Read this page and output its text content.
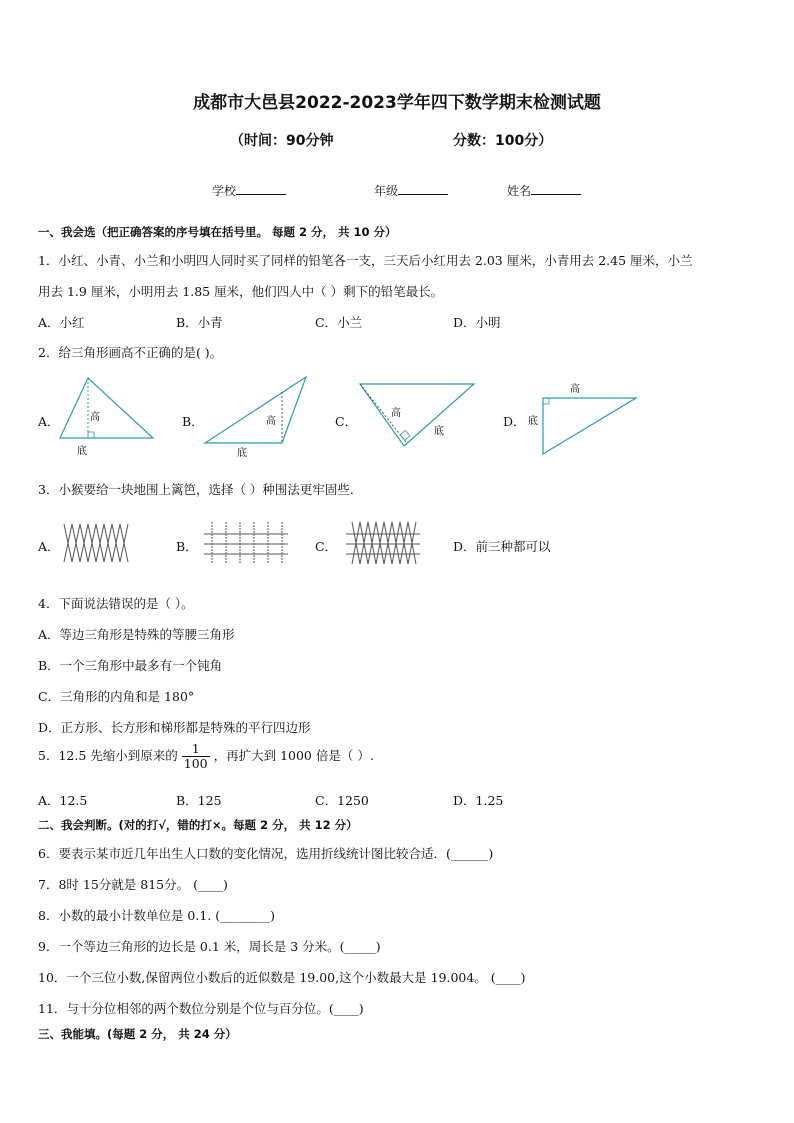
成都市大邑县2022-2023学年四下数学期末检测试题
（时间：90分钟	分数：100分）
学校	年级	姓名
一、我会选（把正确答案的序号填在括号里。 每题 2 分， 共 10 分）
1．小红、小青、小兰和小明四人同时买了同样的铅笔各一支，三天后小红用去 2.03 厘米，小青用去 2.45 厘米，小兰
用去 1.9 厘米，小明用去 1.85 厘米，他们四人中（ ）剩下的铅笔最长。
A．小红	B．小青	C．小兰	D．小明
2．给三角形画高不正确的是( )。
A．	B．	C．	D．
高
底
高
底
高
底
高
底
3．小猴要给一块地围上篱笆，选择（ ）种围法更牢固些．
A．	B．	C．	D．前三种都可以
4．下面说法错误的是（ ）。
A．等边三角形是特殊的等腰三角形
B．一个三角形中最多有一个钝角
C．三角形的内角和是 180°
D．正方形、长方形和梯形都是特殊的平行四边形
5．12.5 先缩小到原来的 $\frac{1}{100}$ ，再扩大到 1000 倍是（ ）.
A．12.5	B．125	C．1250	D．1.25
二、我会判断。(对的打√，错的打×。每题 2 分， 共 12 分）
6．要表示某市近几年出生人口数的变化情况，选用折线统计图比较合适．(______)
7．8时 15分就是 815分。 (____)
8．小数的最小计数单位是 0.1. (________)
9．一个等边三角形的边长是 0.1 米，周长是 3 分米。(_____)
10．一个三位小数,保留两位小数后的近似数是 19.00,这个小数最大是 19.004。 (____)
11．与十分位相邻的两个数位分别是个位与百分位。(____)
三、我能填。(每题 2 分， 共 24 分）
